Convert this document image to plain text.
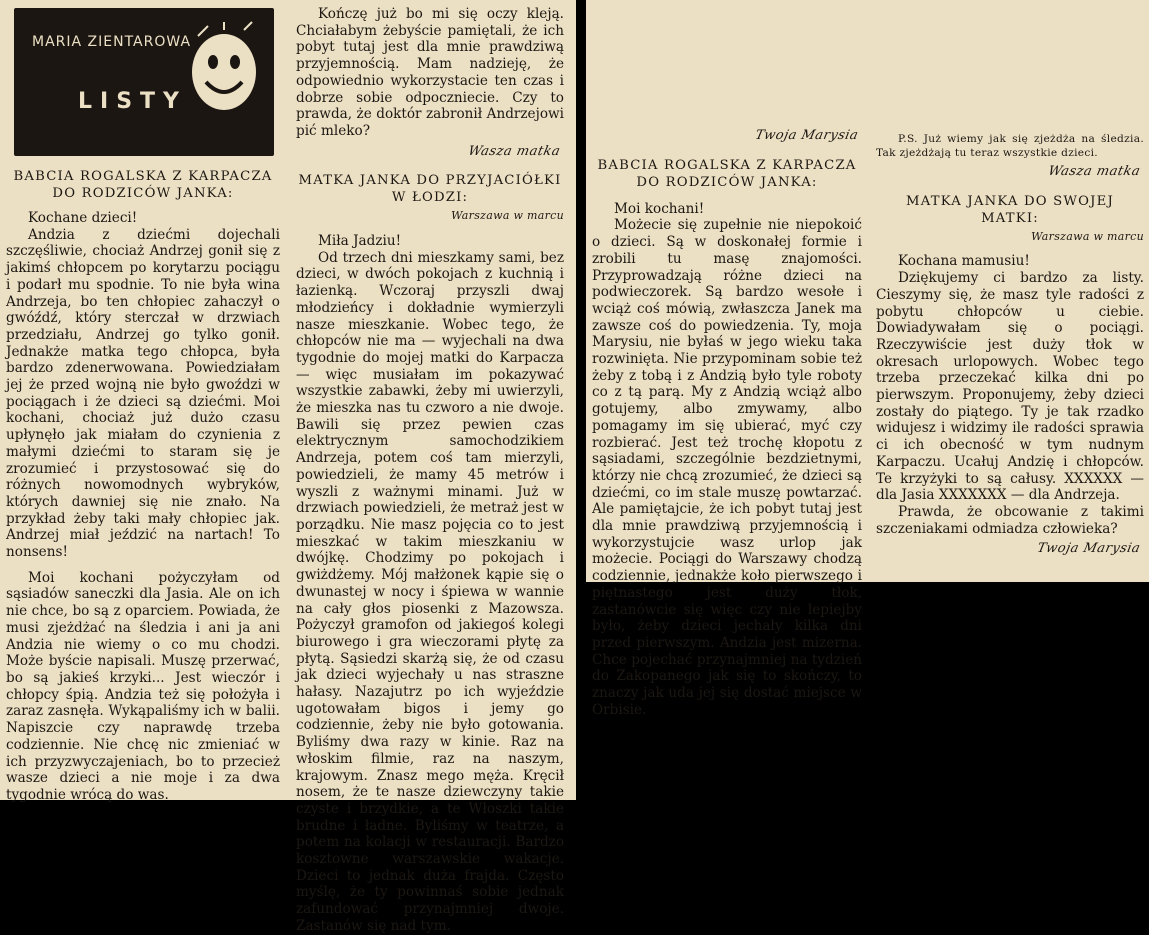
MARIA ZIENTAROWA
LISTY
BABCIA ROGALSKA Z KARPACZA DO RODZICÓW JANKA:

Kochane dzieci!

Andzia z dziećmi dojechali szczęśliwie, chociaż Andrzej gonił się z jakimś chłopcem po korytarzu pociągu i podarł mu spodnie. To nie była wina Andrzeja, bo ten chłopiec zahaczył o gwóźdź, który sterczał w drzwiach przedziału, Andrzej go tylko gonił. Jednakże matka tego chłopca, była bardzo zdenerwowana. Powiedziałam jej że przed wojną nie było gwoździ w pociągach i że dzieci są dziećmi. Moi kochani, chociaż już dużo czasu upłynęło jak miałam do czynienia z małymi dziećmi to staram się je zrozumieć i przystosować się do różnych nowomodnych wybryków, których dawniej się nie znało. Na przykład żeby taki mały chłopiec jak. Andrzej miał jeździć na nartach! To nonsens!

Moi kochani pożyczyłam od sąsiadów saneczki dla Jasia. Ale on ich nie chce, bo są z oparciem. Powiada, że musi zjeżdżać na śledzia i ani ja ani Andzia nie wiemy o co mu chodzi. Może byście napisali. Muszę przerwać, bo są jakieś krzyki... Jest wieczór i chłopcy śpią. Andzia też się położyła i zaraz zasnęła. Wykąpaliśmy ich w balii. Napiszcie czy naprawdę trzeba codziennie. Nie chcę nic zmieniać w ich przyzwyczajeniach, bo to przecież wasze dzieci a nie moje i za dwa tygodnie wrócą do was.

Kończę już bo mi się oczy kleją. Chciałabym żebyście pamiętali, że ich pobyt tutaj jest dla mnie prawdziwą przyjemnością. Mam nadzieję, że odpowiednio wykorzystacie ten czas i dobrze sobie odpoczniecie. Czy to prawda, że doktór zabronił Andrzejowi pić mleko?

Wasza matka
MATKA JANKA DO PRZYJACIÓŁKI W ŁODZI:
Warszawa w marcu

Miła Jadziu!

Od trzech dni mieszkamy sami, bez dzieci, w dwóch pokojach z kuchnią i łazienką. Wczoraj przyszli dwaj młodzieńcy i dokładnie wymierzyli nasze mieszkanie. Wobec tego, że chłopców nie ma — wyjechali na dwa tygodnie do mojej matki do Karpacza — więc musiałam im pokazywać wszystkie zabawki, żeby mi uwierzyli, że mieszka nas tu czworo a nie dwoje. Bawili się przez pewien czas elektrycznym samochodzikiem Andrzeja, potem coś tam mierzyli, powiedzieli, że mamy 45 metrów i wyszli z ważnymi minami. Już w drzwiach powiedzieli, że metraż jest w porządku. Nie masz pojęcia co to jest mieszkać w takim mieszkaniu w dwójkę. Chodzimy po pokojach i gwiżdżemy. Mój małżonek kąpie się o dwunastej w nocy i śpiewa w wannie na cały głos piosenki z Mazowsza. Pożyczył gramofon od jakiegoś kolegi biurowego i gra wieczorami płytę za płytą. Sąsiedzi skarżą się, że od czasu jak dzieci wyjechały u nas straszne hałasy. Nazajutrz po ich wyjeździe ugotowałam bigos i jemy go codziennie, żeby nie było gotowania. Byliśmy dwa razy w kinie. Raz na włoskim filmie, raz na naszym, krajowym. Znasz mego męża. Kręcił nosem, że te nasze dziewczyny takie czyste i brzydkie, a te Włoszki takie brudne i ładne. Byliśmy w teatrze, a potem na kolacji w restauracji. Bardzo kosztowne warszawskie wakacje. Dzieci to jednak duża frajda. Często myślę, że ty powinnaś sobie jednak zafundować przynajmniej dwoje. Zastanów się nad tym.

Twoja Marysia
BABCIA ROGALSKA Z KARPACZA DO RODZICÓW JANKA:

Moi kochani!

Możecie się zupełnie nie niepokoić o dzieci. Są w doskonałej formie i zrobili tu masę znajomości. Przyprowadzają różne dzieci na podwieczorek. Są bardzo wesołe i wciąż coś mówią, zwłaszcza Janek ma zawsze coś do powiedzenia. Ty, moja Marysiu, nie byłaś w jego wieku taka rozwinięta. Nie przypominam sobie też żeby z tobą i z Andzią było tyle roboty co z tą parą. My z Andzią wciąż albo gotujemy, albo zmywamy, albo pomagamy im się ubierać, myć czy rozbierać. Jest też trochę kłopotu z sąsiadami, szczególnie bezdzietnymi, którzy nie chcą zrozumieć, że dzieci są dziećmi, co im stale muszę powtarzać. Ale pamiętajcie, że ich pobyt tutaj jest dla mnie prawdziwą przyjemnością i wykorzystujcie wasz urlop jak możecie. Pociągi do Warszawy chodzą codziennie, jednakże koło pierwszego i piętnastego jest duży tłok, zastanówcie się więc czy nie lepiejby było, żeby dzieci jechały kilka dni przed pierwszym. Andzia jest mizerna. Chce pojechać przynajmniej na tydzień do Zakopanego jak się to skończy, to znaczy jak uda jej się dostać miejsce w Orbisie.

P.S. Już wiemy jak się zjeżdża na śledzia. Tak zjeżdżają tu teraz wszystkie dzieci.

Wasza matka
MATKA JANKA DO SWOJEJ MATKI:
Warszawa w marcu

Kochana mamusiu!

Dziękujemy ci bardzo za listy. Cieszymy się, że masz tyle radości z pobytu chłopców u ciebie. Dowiadywałam się o pociągi. Rzeczywiście jest duży tłok w okresach urlopowych. Wobec tego trzeba przeczekać kilka dni po pierwszym. Proponujemy, żeby dzieci zostały do piątego. Ty je tak rzadko widujesz i widzimy ile radości sprawia ci ich obecność w tym nudnym Karpaczu. Ucałuj Andzię i chłopców. Te krzyżyki to są całusy. XXXXXX — dla Jasia XXXXXXX — dla Andrzeja.

Prawda, że obcowanie z takimi szczeniakami odmiadza człowieka?

Twoja Marysia
